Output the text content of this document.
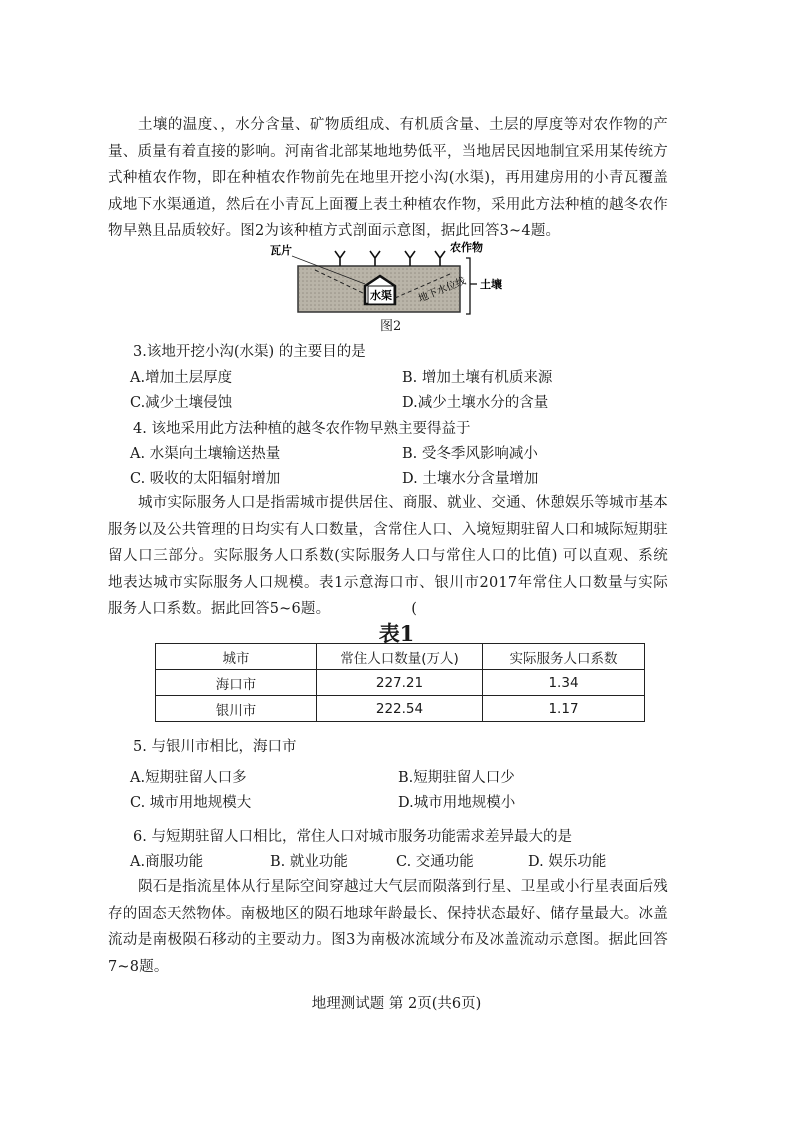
土壤的温度、，水分含量、矿物质组成、有机质含量、土层的厚度等对农作物的产量、质量有着直接的影响。河南省北部某地地势低平，当地居民因地制宜采用某传统方式种植农作物，即在种植农作物前先在地里开挖小沟(水渠)，再用建房用的小青瓦覆盖成地下水渠通道，然后在小青瓦上面覆上表土种植农作物，采用此方法种植的越冬农作物早熟且品质较好。图2为该种植方式剖面示意图，据此回答3~4题。

水渠	地下水位线
瓦片	农作物
土壤
图2

3.该地开挖小沟(水渠) 的主要目的是

A.增加土层厚度	B. 增加土壤有机质来源

C.减少土壤侵蚀	D.减少土壤水分的含量

4. 该地采用此方法种植的越冬农作物早熟主要得益于

A. 水渠向土壤输送热量	B. 受冬季风影响减小

C. 吸收的太阳辐射增加	D. 土壤水分含量增加

城市实际服务人口是指需城市提供居住、商服、就业、交通、休憩娱乐等城市基本服务以及公共管理的日均实有人口数量，含常住人口、入境短期驻留人口和城际短期驻留人口三部分。实际服务人口系数(实际服务人口与常住人口的比值) 可以直观、系统地表达城市实际服务人口规模。表1示意海口市、银川市2017年常住人口数量与实际服务人口系数。据此回答5~6题。　　　　　　(

表1
城市	常住人口数量(万人)	实际服务人口系数
海口市	227.21	1.34
银川市	222.54	1.17

5. 与银川市相比，海口市

A.短期驻留人口多	B.短期驻留人口少

C. 城市用地规模大	D.城市用地规模小

6. 与短期驻留人口相比，常住人口对城市服务功能需求差异最大的是

A.商服功能	B. 就业功能	C. 交通功能	D. 娱乐功能

陨石是指流星体从行星际空间穿越过大气层而陨落到行星、卫星或小行星表面后残存的固态天然物体。南极地区的陨石地球年龄最长、保持状态最好、储存量最大。冰盖流动是南极陨石移动的主要动力。图3为南极冰流域分布及冰盖流动示意图。据此回答7~8题。

地理测试题 第 2页(共6页)
